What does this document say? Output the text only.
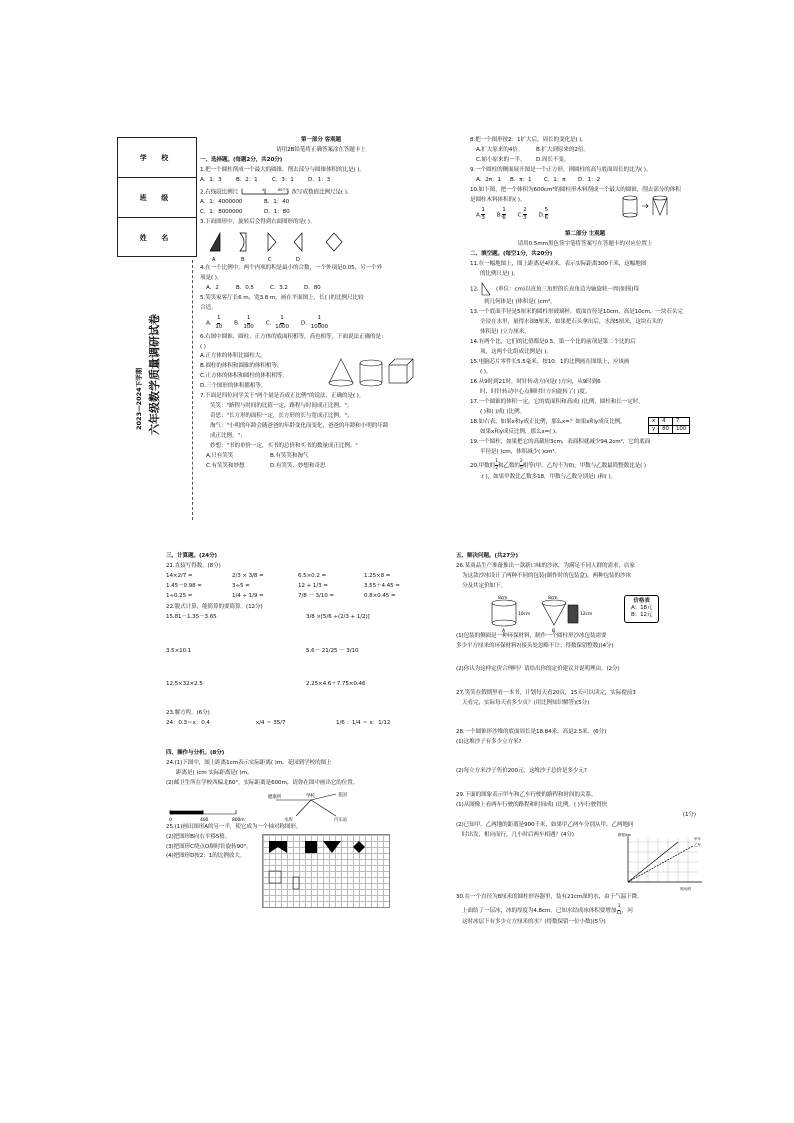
学 校
班 级
姓 名
2023—2024下学期 六年级数学质量调研试卷

第一部分 客观题

请用2B铅笔将正确答案涂在答题卡上

一、选择题。(每题2分，共20分)

1.把一个圆柱削成一个最大的圆锥，削去部分与圆锥体积的比是( )。

A．1：3	B．2：1	C．3：1	D．1：3

2.右线段比例尺 0	40	80千米 改写成数值比例尺是( )。

A．1：4000000	B．1：40

C．1：8000000	D．1：80

3.下面图形中，旋转后会得到右面图形的是( )。

A	B	C	D

4.在一个比例中，两个内项的积是最小的合数，一个外项是0.05，另一个外

项是( )。

A．2	B．0.5	C．3.2	D．80

5.笑笑家客厅长6 m，宽3.8 m，画在平面图上，长( )的比例尺比较

合适。

A． $\frac{1}{10}$ B． $\frac{1}{100}$ C． $\frac{1}{1000}$ D． $\frac{1}{10000}$

6.右图中圆锥、圆柱、正方体的底面积相等，高也相等，下面说法正确的是：

( )

A.正方体的体积比圆柱大。

B.圆柱的体积和圆锥的体积相等。

C.正方体的体积和圆柱的体积相等。

D.三个图形的体积都相等。

7.下面是四位同学关于"两个量是否成正比例"的说法，正确的是( )。

笑笑："路程与时间的比值一定，路程与时间成正比例。"；

奇思："长方形的面积一定，长方形的长与宽成正比例。"；

淘气："小明的年龄会随爸爸的年龄变化而变化，爸爸的年龄和小明的年龄

成正比例。"；

妙想："书的单价一定，买书的总价和买书的数量成正比例。"

A.只有笑笑	B.有笑笑和淘气

C.有笑笑和妙想	D.有笑笑、妙想和奇思

8.把一个图形按2：1扩大后，周长的变化是( )。

A.扩大原来的4倍。 B.扩大到原来的2倍。

C.缩小原来的一半。 D.周长不变。

9.一个圆柱的侧面展开图是一个正方形，则圆柱的高与底面周长的比为( )。

A．2π：1 B．π：1 C．1：π D．1：2

10.如下图，把一个体积为600cm³的圆柱形木料削成一个最大的圆锥，削去部分的体积

是圆柱木料体积的( )。

A. $\frac{1}{3} B$. $\frac{1}{6} C$. $\frac{2}{3} D$. $\frac{5}{6}$

第二部分 主观题

请用0.5mm黑色签字笔将答案写在答题卡的对应位置上

二、填空题。(每空1分，共20分)

11.在一幅地图上，图上距离是4厘米，表示实际距离300千米，这幅地图

的比例尺是( )。

12.	(单位：cm)以直角三角形的长直角边为轴旋转一周(如图)得

到几何体是( )体积是( )cm³。

13.一个底面半径是5厘米的圆柱形玻璃杯，底面直径是10cm，高是10cm，一块石头完

全浸在水里，量得水深8厘米，如果把石头拿出后，水深5厘米，这块石头的

体积是( )立方厘米。

14.有两个比，它们的比值都是0.5，第一个比的前项是第二个比的后

项，这两个比组成比例是( )。

15.电脑芯片零件长5.5毫米，按10：1的比例画在图纸上，应该画

( )。

16.从9时到21时，时针转动方向是( )方向，从9时到6

时，时针转动中心点顺时针方向旋转了( )度。

17.一个圆锥的体积一定，它的底面积和高成( )比例，圆柱和长一定时，

( )和( )成( )比例。

18.如右表，如果x和y成正比例，那么x=？如果x和y成反比例，

如果x和y成反比例，那么x=( )。

x	4	7
y	80	100

19.一个圆柱，如果把它的高截短3cm，表面积就减少94.2cm²，它的底面

半径是( )cm，体积减少( )cm³。

20.甲数的 $\frac{1}{2}$ 和乙数的 $\frac{2}{5}$ 相等(甲、乙均不为0)，甲数与乙数最简整数比是( )

:( )，如果甲数比乙数多18，甲数与乙数分别是( )和( )。

三、计算题。(24分)

21.直接写得数。(8分)

14×2/7 =	2/3 × 3/8 =	6.5×0.2 =	1.25×8 =

1.45－0.98 =	3÷5 =	12 + 1/3 =	3.55＋4.45 =

1÷0.25 =	1/4 ÷ 1/9 =	7/8 － 3/10 =	0.8×0.45 =

22.脱式计算，能简算的要简算。(12分)

15.81－1.35－3.65	3/8 ×[5/6 ÷(2/3 + 1/2)]

3.5×10.1	5.6－ 21/25 － 3/10

12.5×32×2.5	2.25×4.6＋7.75×0.46

23.解方程。(6分)

24：0.3＝x：0.4	x/4 ＝ 35/7	1/6 ：1/4 ＝ x：1/12

四、操作与分析。(8分)

24.(1)下图中，图上距离1cm表示实际距离( )m。花园到学校的图上

距离是( )cm 实际距离是( )m。

(2)邮卫生所在学校西偏北60°，实际距离是600m，请你在图中画出它的位置。

0	400	800m
健康所	学校	花园
水库	汽车站

25.(1)画出图形A的另一半，使它成为一个轴对称图形。

(2)把图形B向右平移5格。

(3)把图形C绕点O顺时针旋转90°。

(4)把图形D按2：1的比例放大。

五、解决问题。(共27分)

26.某商品生产准备推出一款新口味的沙冰，为满足不同人群的需求，店家

为这款沙冰设计了两种不同的包装(制作时的包装盒)，两种包装的沙冰

分及其定价如下。

8cm	8cm
10cm	12cm
A	B
价格表
A：18元
B：12元

(1)包装的侧面是一种环保材料，制作一个圆柱形沙冰包装需要

多少平方厘米的环保材料?(接头处忽略不计；得数保留整数)(4分)

(2)你认为这样定价合理吗？请给出你的定价建议并说明理由。(2分)

27.笑笑在假期里看一本书，计划每天看20页，15天可以读完，实际提前3

天看完，实际每天看多少页？(用比例知识解答)(5分)

28.一个圆锥形沙堆的底面周长是18.84米，高是2.5米。(6分)

(1)这堆沙子有多少立方米?

(2)每立方米沙子售价200元，这堆沙子总价是多少元?

29.下面的图象表示甲车和乙车行驶的路程和时间的关系。

(1)从图像上看两车行驶的路程和时间成( )比例。( )车行驶得快

(1分)

(2)已知甲、乙两地的距离是900千米，如果甲乙两车分别从甲、乙两地同

时出发，相向而行，几小时后两车相遇？(4分)	路程/km
时间/时
甲车
乙车

30.在一个直径为8厘米的圆柱形容器里，装有21cm深的水，由于气温下降，

上面结了一层冰，冰的厚度为4.8cm，已知水结成冰体积要增加 $\frac{1}{11}$ ，问

这时冰层下有多少立方厘米的水？(得数保留一位小数)(5分)
